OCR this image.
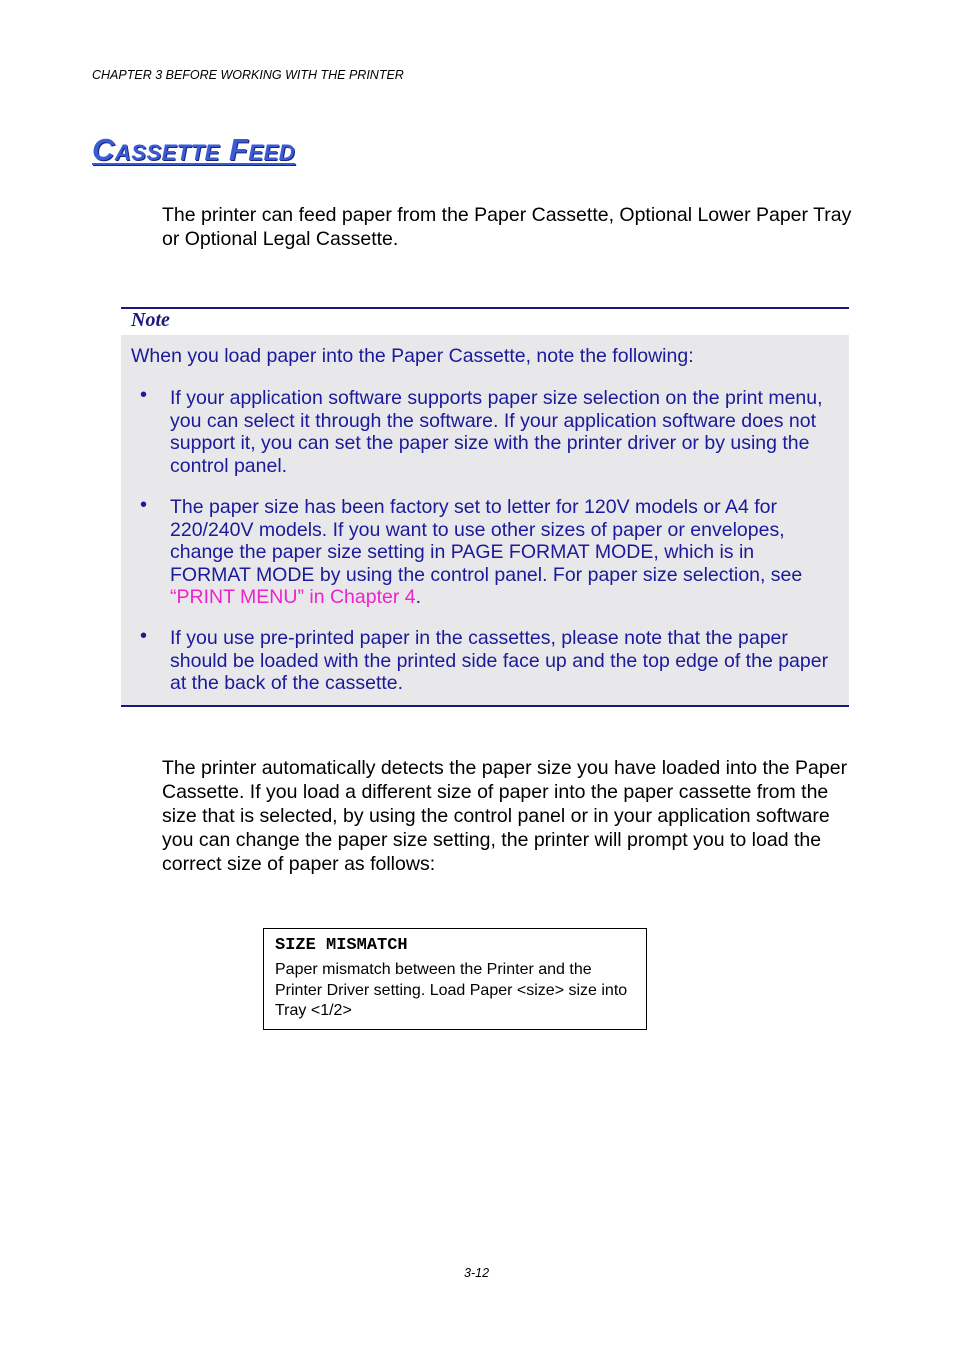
CHAPTER 3 BEFORE WORKING WITH THE PRINTER
Cassette Feed

The printer can feed paper from the Paper Cassette, Optional Lower Paper Tray or Optional Legal Cassette.

Note
When you load paper into the Paper Cassette, note the following:
• If your application software supports paper size selection on the print menu, you can select it through the software. If your application software does not support it, you can set the paper size with the printer driver or by using the control panel.
• The paper size has been factory set to letter for 120V models or A4 for 220/240V models. If you want to use other sizes of paper or envelopes, change the paper size setting in PAGE FORMAT MODE, which is in FORMAT MODE by using the control panel. For paper size selection, see “PRINT MENU” in Chapter 4.
• If you use pre-printed paper in the cassettes, please note that the paper should be loaded with the printed side face up and the top edge of the paper at the back of the cassette.

The printer automatically detects the paper size you have loaded into the Paper Cassette. If you load a different size of paper into the paper cassette from the size that is selected, by using the control panel or in your application software you can change the paper size setting, the printer will prompt you to load the correct size of paper as follows:

SIZE MISMATCH
Paper mismatch between the Printer and the Printer Driver setting. Load Paper <size> size into Tray <1/2>
3-12
